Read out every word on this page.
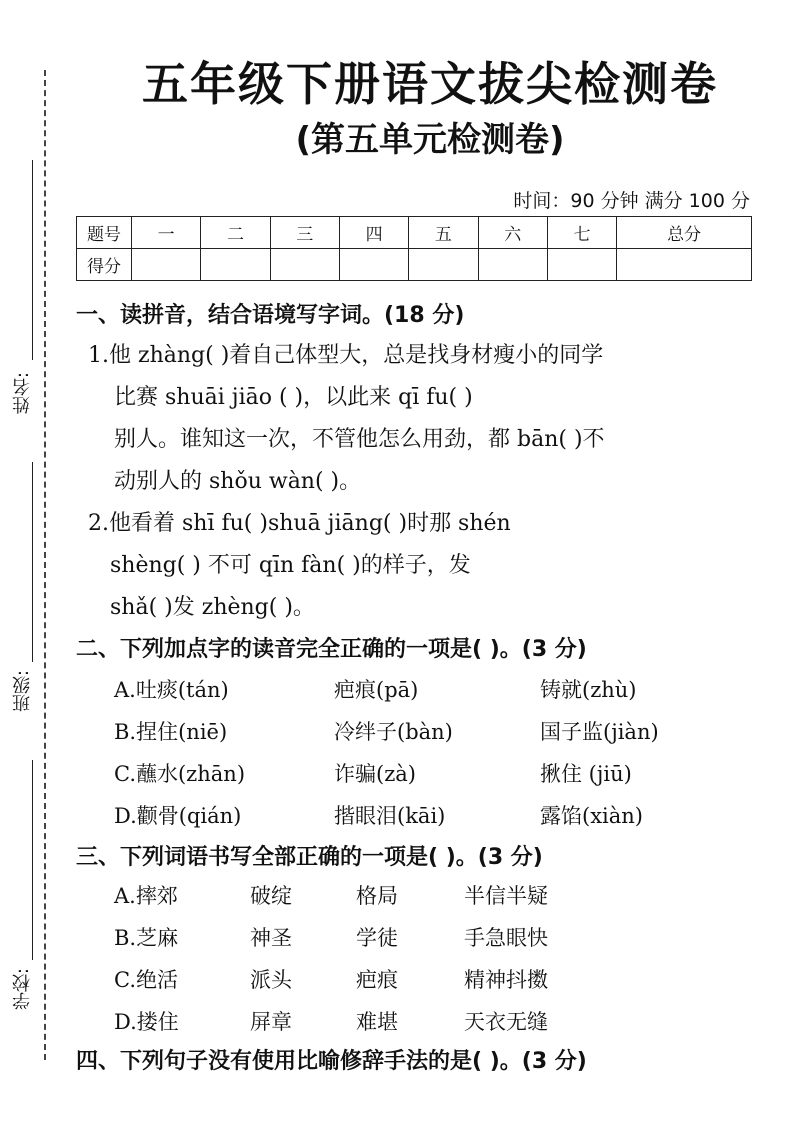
姓名:
班级:
学校:
五年级下册语文拔尖检测卷
(第五单元检测卷)
时间：90 分钟 满分 100 分
题号	一	二	三	四	五	六	七	总分
得分								
一、读拼音，结合语境写字词。(18 分)
1.他 zhàng( )着自己体型大，总是找身材瘦小的同学
比赛 shuāi jiāo ( )，以此来 qī fu( )
别人。谁知这一次，不管他怎么用劲，都 bān( )不
动别人的 shǒu wàn( )。
2.他看着 shī fu( )shuā jiāng( )时那 shén
shèng( ) 不可 qīn fàn( )的样子，发
shǎ( )发 zhèng( )。
二、下列加点字的读音完全正确的一项是( )。(3 分)
A.吐痰(tán)	疤痕(pā)	铸就(zhù)
B.捏住(niē)	冷绊子(bàn)	国子监(jiàn)
C.蘸水(zhān)	诈骗(zà)	揪住 (jiū)
D.颧骨(qián)	揩眼泪(kāi)	露馅(xiàn)
三、下列词语书写全部正确的一项是( )。(3 分)
A.摔郊	破绽	格局	半信半疑
B.芝麻	神圣	学徒	手急眼快
C.绝活	派头	疤痕	精神抖擞
D.搂住	屏章	难堪	天衣无缝
四、下列句子没有使用比喻修辞手法的是( )。(3 分)
